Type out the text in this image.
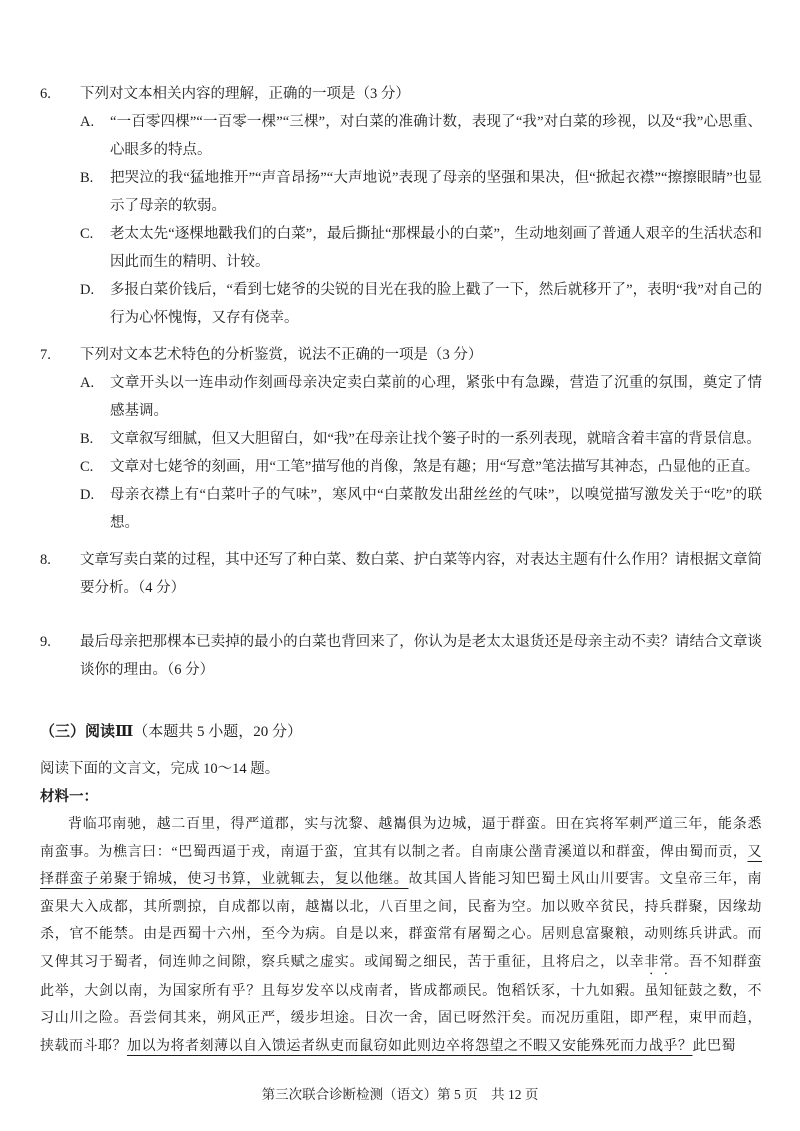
6.	下列对文本相关内容的理解，正确的一项是（3 分）
A.	“一百零四棵”“一百零一棵”“三棵”，对白菜的准确计数，表现了“我”对白菜的珍视，以及“我”心思重、心眼多的特点。
B.	把哭泣的我“猛地推开”“声音昂扬”“大声地说”表现了母亲的坚强和果决，但“掀起衣襟”“擦擦眼睛”也显示了母亲的软弱。
C.	老太太先“逐棵地戳我们的白菜”，最后撕扯“那棵最小的白菜”，生动地刻画了普通人艰辛的生活状态和因此而生的精明、计较。
D.	多报白菜价钱后，“看到七姥爷的尖锐的目光在我的脸上戳了一下，然后就移开了”，表明“我”对自己的行为心怀愧悔，又存有侥幸。
7.	下列对文本艺术特色的分析鉴赏，说法不正确的一项是（3 分）
A.	文章开头以一连串动作刻画母亲决定卖白菜前的心理，紧张中有急躁，营造了沉重的氛围，奠定了情感基调。
B.	文章叙写细腻，但又大胆留白，如“我”在母亲让找个篓子时的一系列表现，就暗含着丰富的背景信息。
C.	文章对七姥爷的刻画，用“工笔”描写他的肖像，煞是有趣；用“写意”笔法描写其神态，凸显他的正直。
D.	母亲衣襟上有“白菜叶子的气味”，寒风中“白菜散发出甜丝丝的气味”，以嗅觉描写激发关于“吃”的联想。
8.	文章写卖白菜的过程，其中还写了种白菜、数白菜、护白菜等内容，对表达主题有什么作用？请根据文章简要分析。（4 分）
9.	最后母亲把那棵本已卖掉的最小的白菜也背回来了，你认为是老太太退货还是母亲主动不卖？请结合文章谈谈你的理由。（6 分）
（三）阅读Ⅲ（本题共 5 小题，20 分）
阅读下面的文言文，完成 10～14 题。
材料一：

背临邛南驰，越二百里，得严道郡，实与沈黎、越巂俱为边城，逼于群蛮。田在宾将军刺严道三年，能条悉南蛮事。为樵言曰：“巴蜀西逼于戎，南逼于蛮，宜其有以制之者。自南康公凿青溪道以和群蛮，俾由蜀而贡，又择群蛮子弟聚于锦城，使习书算，业就辄去，复以他继。故其国人皆能习知巴蜀土风山川要害。文皇帝三年，南蛮果大入成都，其所剽掠，自成都以南，越巂以北，八百里之间，民畜为空。加以败卒贫民，持兵群聚，因缘劫杀，官不能禁。由是西蜀十六州，至今为病。自是以来，群蛮常有屠蜀之心。居则息富聚粮，动则练兵讲武。而又俾其习于蜀者，伺连帅之间隙，察兵赋之虚实。或闻蜀之细民，苦于重征，且将启之，以幸非常。吾不知群蛮此举，大剑以南，为国家所有乎？且每岁发卒以戍南者，皆成都顽民。饱稻饫豕，十九如豭。虽知钲鼓之数，不习山川之险。吾尝伺其来，朔风正严，缓步坦途。日次一舍，固已呀然汗矣。而况历重阻，即严程，束甲而趋，挟载而斗耶？加以为将者刻薄以自入馈运者纵吏而鼠窃如此则边卒将怨望之不暇又安能殊死而力战乎？此巴蜀

第三次联合诊断检测（语文）第 5 页　共 12 页
